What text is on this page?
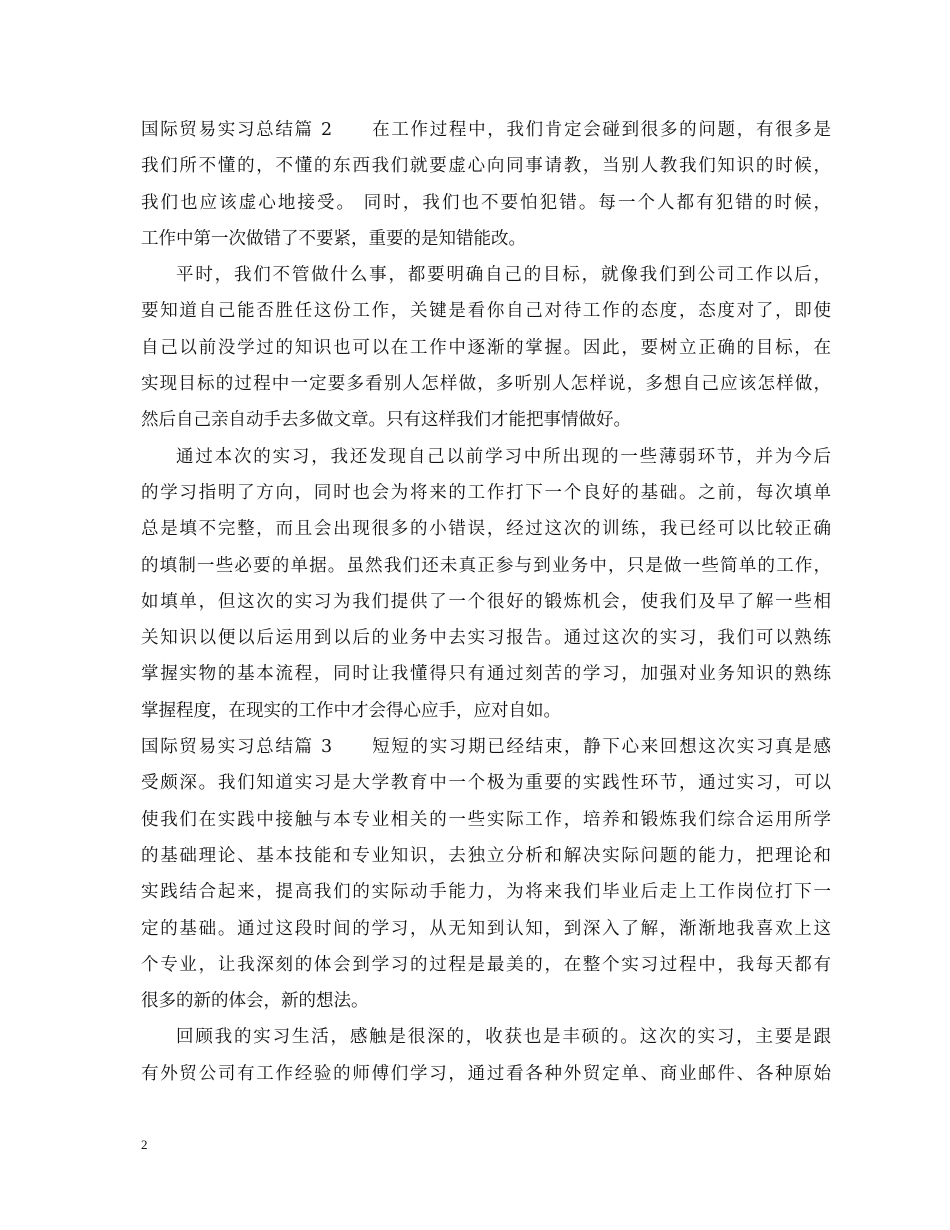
国际贸易实习总结篇 2　　在工作过程中，我们肯定会碰到很多的问题，有很多是
我们所不懂的，不懂的东西我们就要虚心向同事请教，当别人教我们知识的时候，
我们也应该虚心地接受。 同时，我们也不要怕犯错。每一个人都有犯错的时候，
工作中第一次做错了不要紧，重要的是知错能改。
平时，我们不管做什么事，都要明确自己的目标，就像我们到公司工作以后，
要知道自己能否胜任这份工作，关键是看你自己对待工作的态度，态度对了，即使
自己以前没学过的知识也可以在工作中逐渐的掌握。因此，要树立正确的目标，在
实现目标的过程中一定要多看别人怎样做，多听别人怎样说，多想自己应该怎样做，
然后自己亲自动手去多做文章。只有这样我们才能把事情做好。
通过本次的实习，我还发现自己以前学习中所出现的一些薄弱环节，并为今后
的学习指明了方向，同时也会为将来的工作打下一个良好的基础。之前，每次填单
总是填不完整，而且会出现很多的小错误，经过这次的训练，我已经可以比较正确
的填制一些必要的单据。虽然我们还未真正参与到业务中，只是做一些简单的工作，
如填单，但这次的实习为我们提供了一个很好的锻炼机会，使我们及早了解一些相
关知识以便以后运用到以后的业务中去实习报告。通过这次的实习，我们可以熟练
掌握实物的基本流程，同时让我懂得只有通过刻苦的学习，加强对业务知识的熟练
掌握程度，在现实的工作中才会得心应手，应对自如。
国际贸易实习总结篇 3　　短短的实习期已经结束，静下心来回想这次实习真是感
受颇深。我们知道实习是大学教育中一个极为重要的实践性环节，通过实习，可以
使我们在实践中接触与本专业相关的一些实际工作，培养和锻炼我们综合运用所学
的基础理论、基本技能和专业知识，去独立分析和解决实际问题的能力，把理论和
实践结合起来，提高我们的实际动手能力，为将来我们毕业后走上工作岗位打下一
定的基础。通过这段时间的学习，从无知到认知，到深入了解，渐渐地我喜欢上这
个专业，让我深刻的体会到学习的过程是最美的，在整个实习过程中，我每天都有
很多的新的体会，新的想法。
回顾我的实习生活，感触是很深的，收获也是丰硕的。这次的实习，主要是跟
有外贸公司有工作经验的师傅们学习，通过看各种外贸定单、商业邮件、各种原始
2
